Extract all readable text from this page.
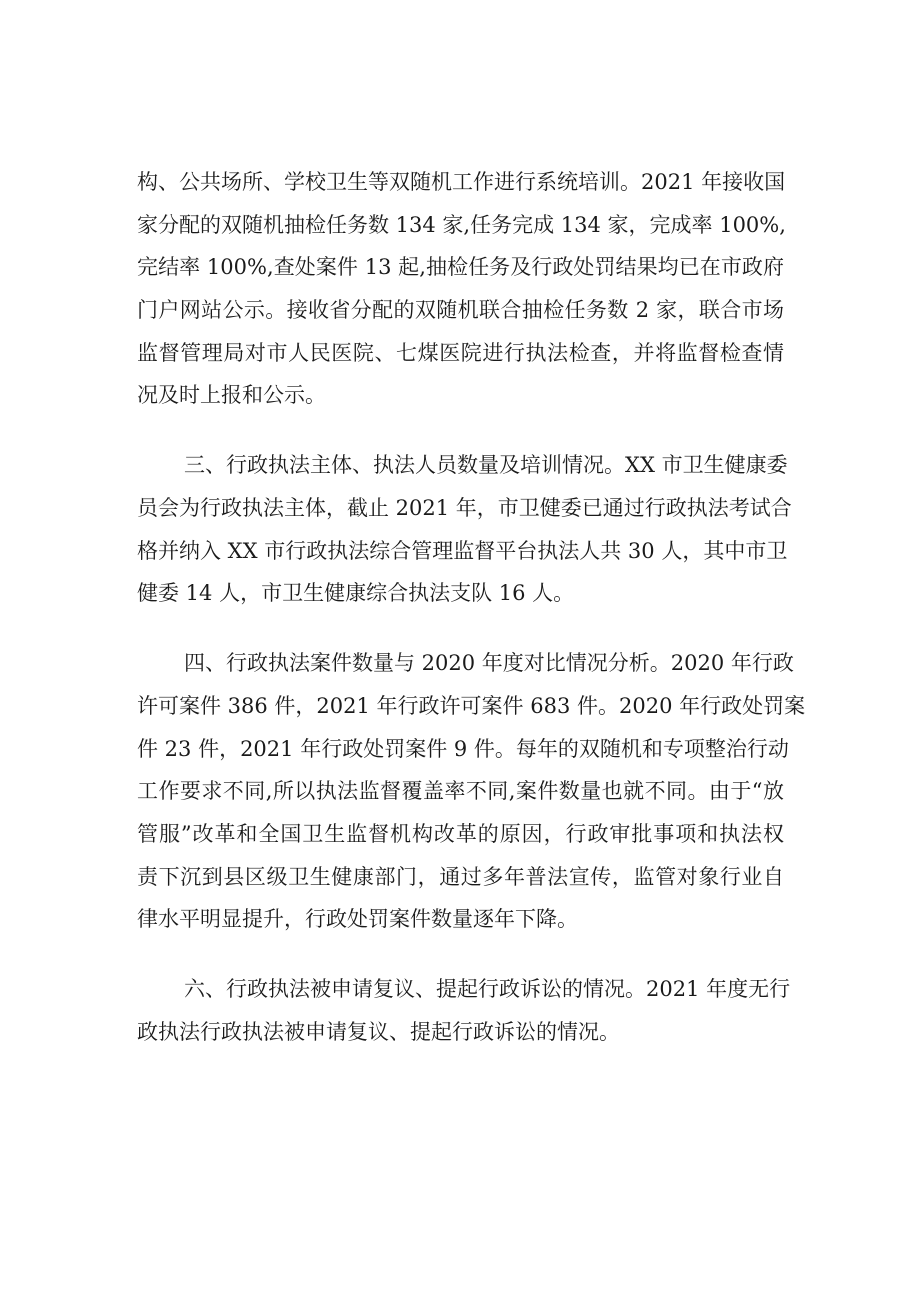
构、公共场所、学校卫生等双随机工作进行系统培训。2021 年接收国
家分配的双随机抽检任务数 134 家,任务完成 134 家，完成率 100%,
完结率 100%,查处案件 13 起,抽检任务及行政处罚结果均已在市政府
门户网站公示。接收省分配的双随机联合抽检任务数 2 家，联合市场
监督管理局对市人民医院、七煤医院进行执法检查，并将监督检查情
况及时上报和公示。
三、行政执法主体、执法人员数量及培训情况。XX 市卫生健康委
员会为行政执法主体，截止 2021 年，市卫健委已通过行政执法考试合
格并纳入 XX 市行政执法综合管理监督平台执法人共 30 人，其中市卫
健委 14 人，市卫生健康综合执法支队 16 人。
四、行政执法案件数量与 2020 年度对比情况分析。2020 年行政
许可案件 386 件，2021 年行政许可案件 683 件。2020 年行政处罚案
件 23 件，2021 年行政处罚案件 9 件。每年的双随机和专项整治行动
工作要求不同,所以执法监督覆盖率不同,案件数量也就不同。由于“放
管服”改革和全国卫生监督机构改革的原因，行政审批事项和执法权
责下沉到县区级卫生健康部门，通过多年普法宣传，监管对象行业自
律水平明显提升，行政处罚案件数量逐年下降。
六、行政执法被申请复议、提起行政诉讼的情况。2021 年度无行
政执法行政执法被申请复议、提起行政诉讼的情况。
